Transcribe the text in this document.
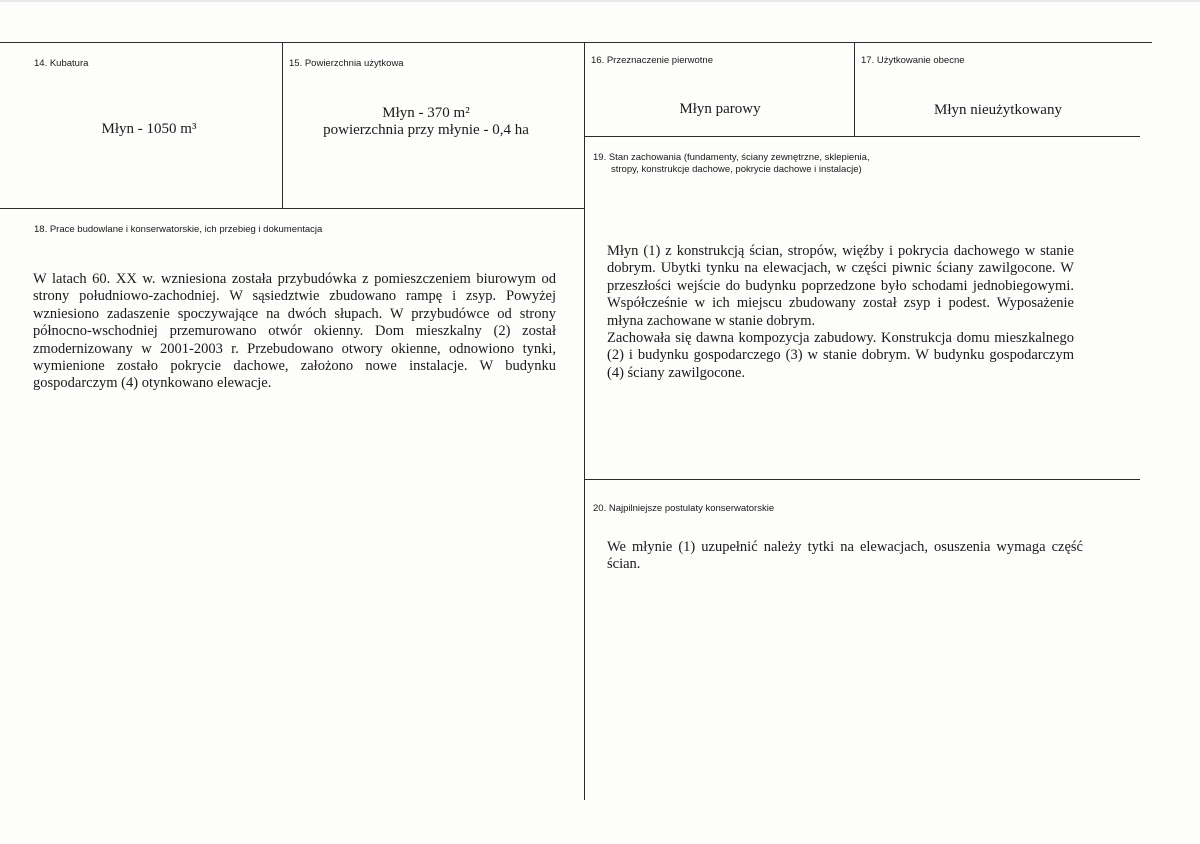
14. Kubatura
Młyn - 1050 m³
15. Powierzchnia użytkowa
Młyn - 370 m²
powierzchnia przy młynie - 0,4 ha
16. Przeznaczenie pierwotne
Młyn parowy
17. Użytkowanie obecne
Młyn nieużytkowany
19. Stan zachowania (fundamenty, ściany zewnętrzne, sklepienia,
stropy, konstrukcje dachowe, pokrycie dachowe i instalacje)
Młyn (1) z konstrukcją ścian, stropów, więźby i pokrycia dachowego w stanie dobrym. Ubytki tynku na elewacjach, w części piwnic ściany zawilgocone. W przeszłości wejście do budynku poprzedzone było schodami jednobiegowymi. Współcześnie w ich miejscu zbudowany został zsyp i podest. Wyposażenie młyna zachowane w stanie dobrym.
Zachowała się dawna kompozycja zabudowy. Konstrukcja domu mieszkalnego (2) i budynku gospodarczego (3) w stanie dobrym. W budynku gospodarczym (4) ściany zawilgocone.
18. Prace budowlane i konserwatorskie, ich przebieg i dokumentacja
W latach 60. XX w. wzniesiona została przybudówka z pomieszczeniem biurowym od strony południowo-zachodniej. W sąsiedztwie zbudowano rampę i zsyp. Powyżej wzniesiono zadaszenie spoczywające na dwóch słupach. W przybudówce od strony północno-wschodniej przemurowano otwór okienny. Dom mieszkalny (2) został zmodernizowany w 2001-2003 r. Przebudowano otwory okienne, odnowiono tynki, wymienione zostało pokrycie dachowe, założono nowe instalacje. W budynku gospodarczym (4) otynkowano elewacje.
20. Najpilniejsze postulaty konserwatorskie
We młynie (1) uzupełnić należy tytki na elewacjach, osuszenia wymaga część ścian.
